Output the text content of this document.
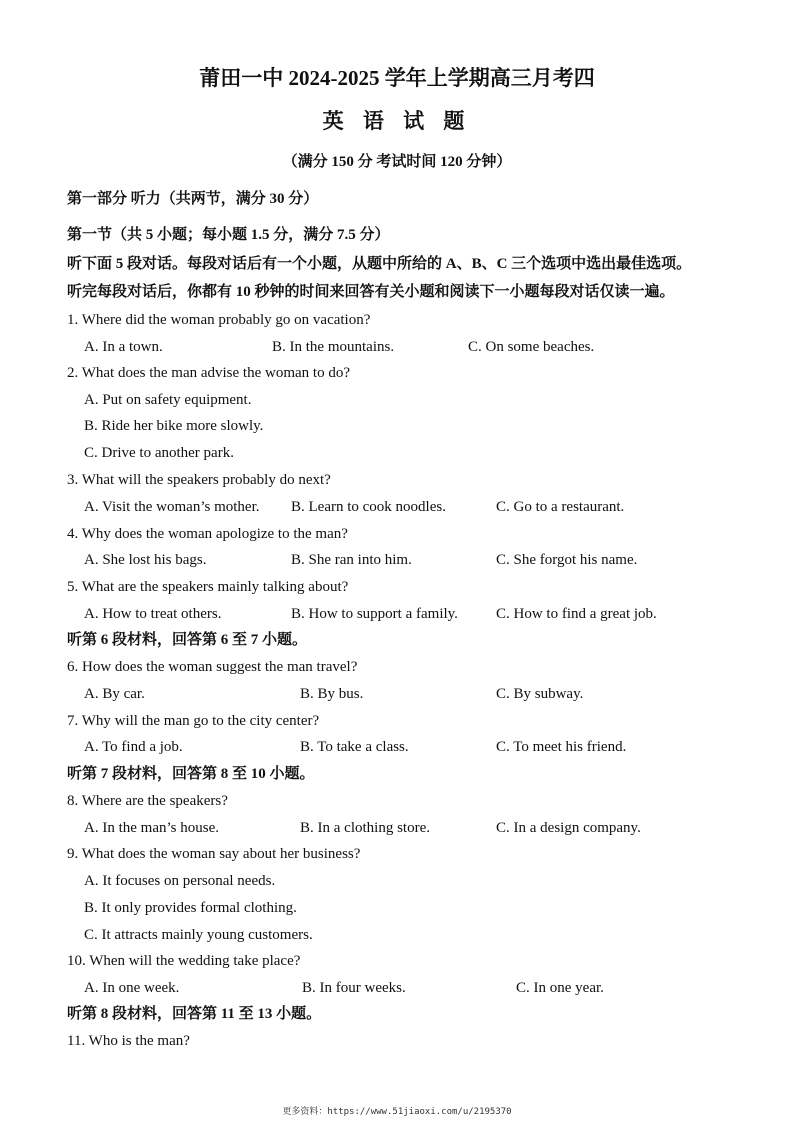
莆田一中 2024-2025 学年上学期高三月考四
英 语 试 题
（满分 150 分 考试时间 120 分钟）
第一部分 听力（共两节，满分 30 分）
第一节（共 5 小题；每小题 1.5 分，满分 7.5 分）
听下面 5 段对话。每段对话后有一个小题，从题中所给的 A、B、C 三个选项中选出最佳选项。
听完每段对话后，你都有 10 秒钟的时间来回答有关小题和阅读下一小题每段对话仅读一遍。
1. Where did the woman probably go on vacation?
A. In a town.	B. In the mountains.	C. On some beaches.
2. What does the man advise the woman to do?
A. Put on safety equipment.
B. Ride her bike more slowly.
C. Drive to another park.
3. What will the speakers probably do next?
A. Visit the woman’s mother. B. Learn to cook noodles.	C. Go to a restaurant.
4. Why does the woman apologize to the man?
A. She lost his bags.	B. She ran into him.	C. She forgot his name.
5. What are the speakers mainly talking about?
A. How to treat others.	B. How to support a family.	C. How to find a great job.
听第 6 段材料，回答第 6 至 7 小题。
6. How does the woman suggest the man travel?
A. By car.	B. By bus.	C. By subway.
7. Why will the man go to the city center?
A. To find a job.	B. To take a class.	C. To meet his friend.
听第 7 段材料，回答第 8 至 10 小题。
8. Where are the speakers?
A. In the man’s house.	B. In a clothing store.	C. In a design company.
9. What does the woman say about her business?
A. It focuses on personal needs.
B. It only provides formal clothing.
C. It attracts mainly young customers.
10. When will the wedding take place?
A. In one week.	B. In four weeks.	C. In one year.
听第 8 段材料，回答第 11 至 13 小题。
11. Who is the man?
更多资料：https://www.51jiaoxi.com/u/2195370
